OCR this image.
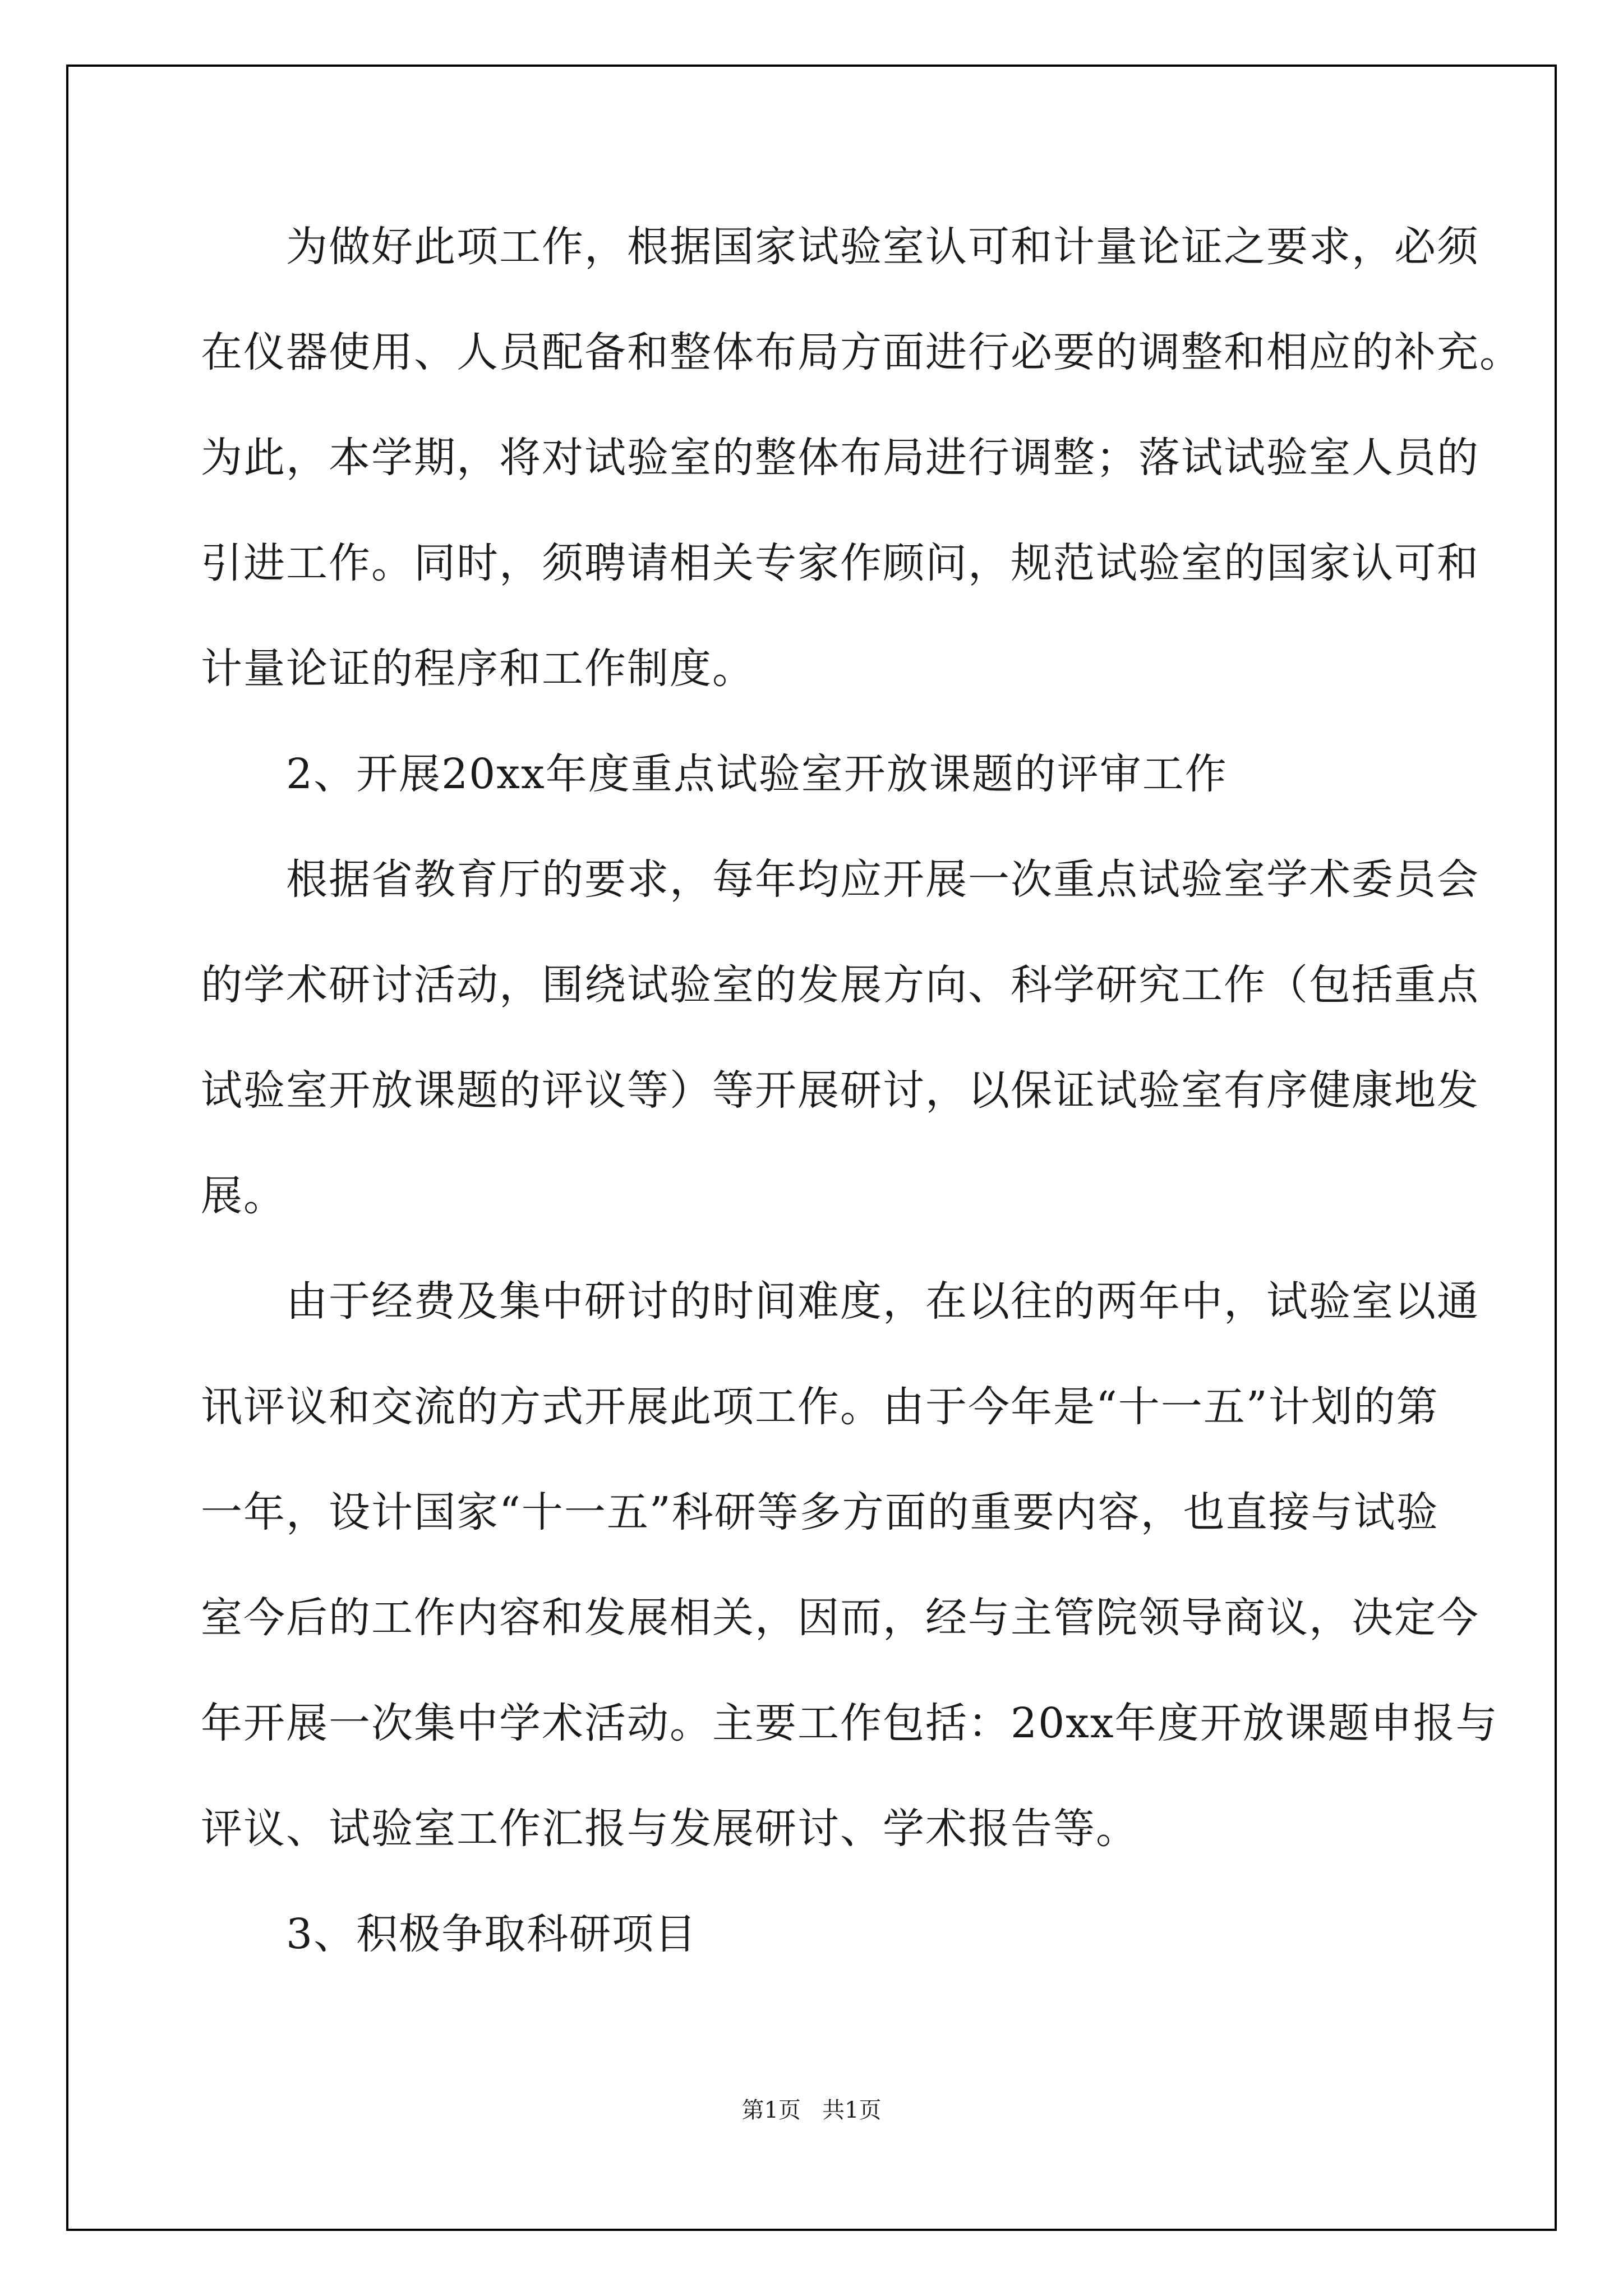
　　为做好此项工作，根据国家试验室认可和计量论证之要求，必须
在仪器使用、人员配备和整体布局方面进行必要的调整和相应的补充。
为此，本学期，将对试验室的整体布局进行调整；落试试验室人员的
引进工作。同时，须聘请相关专家作顾问，规范试验室的国家认可和
计量论证的程序和工作制度。
　　2、开展20xx年度重点试验室开放课题的评审工作
　　根据省教育厅的要求，每年均应开展一次重点试验室学术委员会
的学术研讨活动，围绕试验室的发展方向、科学研究工作（包括重点
试验室开放课题的评议等）等开展研讨，以保证试验室有序健康地发
展。
　　由于经费及集中研讨的时间难度，在以往的两年中，试验室以通
讯评议和交流的方式开展此项工作。由于今年是“十一五”计划的第
一年，设计国家“十一五”科研等多方面的重要内容，也直接与试验
室今后的工作内容和发展相关，因而，经与主管院领导商议，决定今
年开展一次集中学术活动。主要工作包括：20xx年度开放课题申报与
评议、试验室工作汇报与发展研讨、学术报告等。
　　3、积极争取科研项目
第1页   共1页
